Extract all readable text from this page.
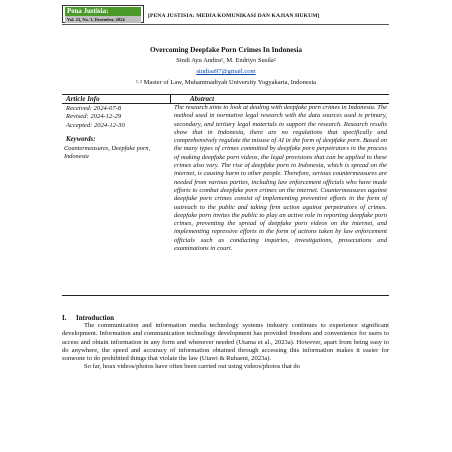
Pena Justisia:
Vol. 23, No. 3, Desember, 2024
[PENA JUSTISIA: MEDIA KOMUNIKASI DAN KAJIAN HUKUM]
Overcoming Deepfake Porn Crimes In Indonesia
Sindi Ayu Andira¹, M. Endriyo Susila²
sindiaa97@gmail.com
¹˒² Master of Law, Muhammadiyah University Yogyakarta, Indonesia
Article Info	Abstract
Received: 2024-07-8
Revised: 2024-12-29
Accepted: 2024-12-30
Keywords:
Countermeasures, Deepfake porn, Indonesia
The research aims to look at dealing with deepfake porn crimes in Indonesia. The method used in normative legal research with the data sources used is primary, secondary, and tertiary legal materials to support the research. Research results show that in Indonesia, there are no regulations that specifically and comprehensively regulate the misuse of AI in the form of deepfake porn. Based on the many types of crimes committed by deepfake porn perpetrators in the process of making deepfake porn videos, the legal provisions that can be applied to these crimes also vary. The rise of deepfake porn in Indonesia, which is spread on the internet, is causing harm to other people. Therefore, serious countermeasures are needed from various parties, including law enforcement officials who have made efforts to combat deepfake porn crimes on the internet. Countermeasures against deepfake porn crimes consist of implementing preventive efforts in the form of outreach to the public and taking firm action against perpetrators of crimes. deepfake porn invites the public to play an active role in reporting deepfake porn crimes, preventing the spread of deepfake porn videos on the internet, and implementing repressive efforts in the form of actions taken by law enforcement officials such as conducting inquiries, investigations, prosecutions and examinations in court.
I. Introduction

The communication and information media technology systems industry continues to experience significant development. Information and communication technology development has provided freedom and convenience for users to access and obtain information in any form and whenever needed (Utama et al., 2023a). However, apart from being easy to do anywhere, the speed and accuracy of information obtained through accessing this information makes it easier for someone to do prohibited things that violate the law (Utawi & Ruhaeni, 2023a).

So far, hoax videos/photos have often been carried out using videos/photos that do
